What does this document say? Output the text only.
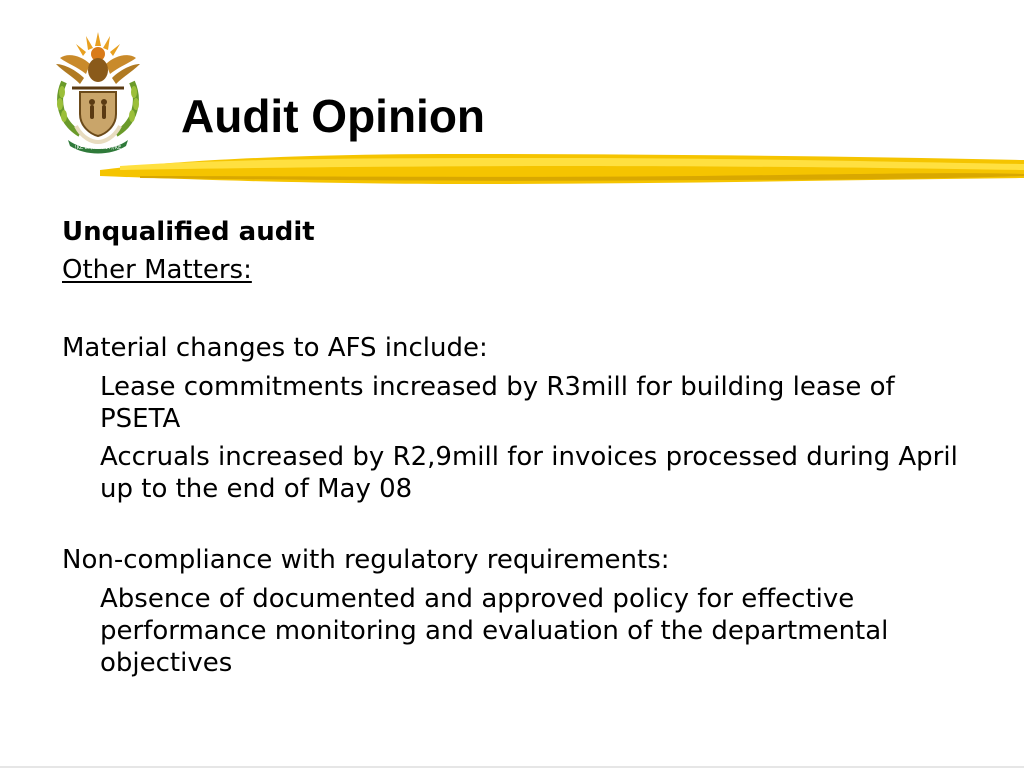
!KE E: /XARRA //KE
Audit Opinion

Unqualified audit

Other Matters:

Material changes to AFS include:

Lease commitments increased by R3mill for building lease of PSETA
Accruals increased by R2,9mill for invoices processed during April up to the end of May 08

Non-compliance with regulatory requirements:

Absence of documented and approved policy for effective performance monitoring and evaluation of the departmental objectives
